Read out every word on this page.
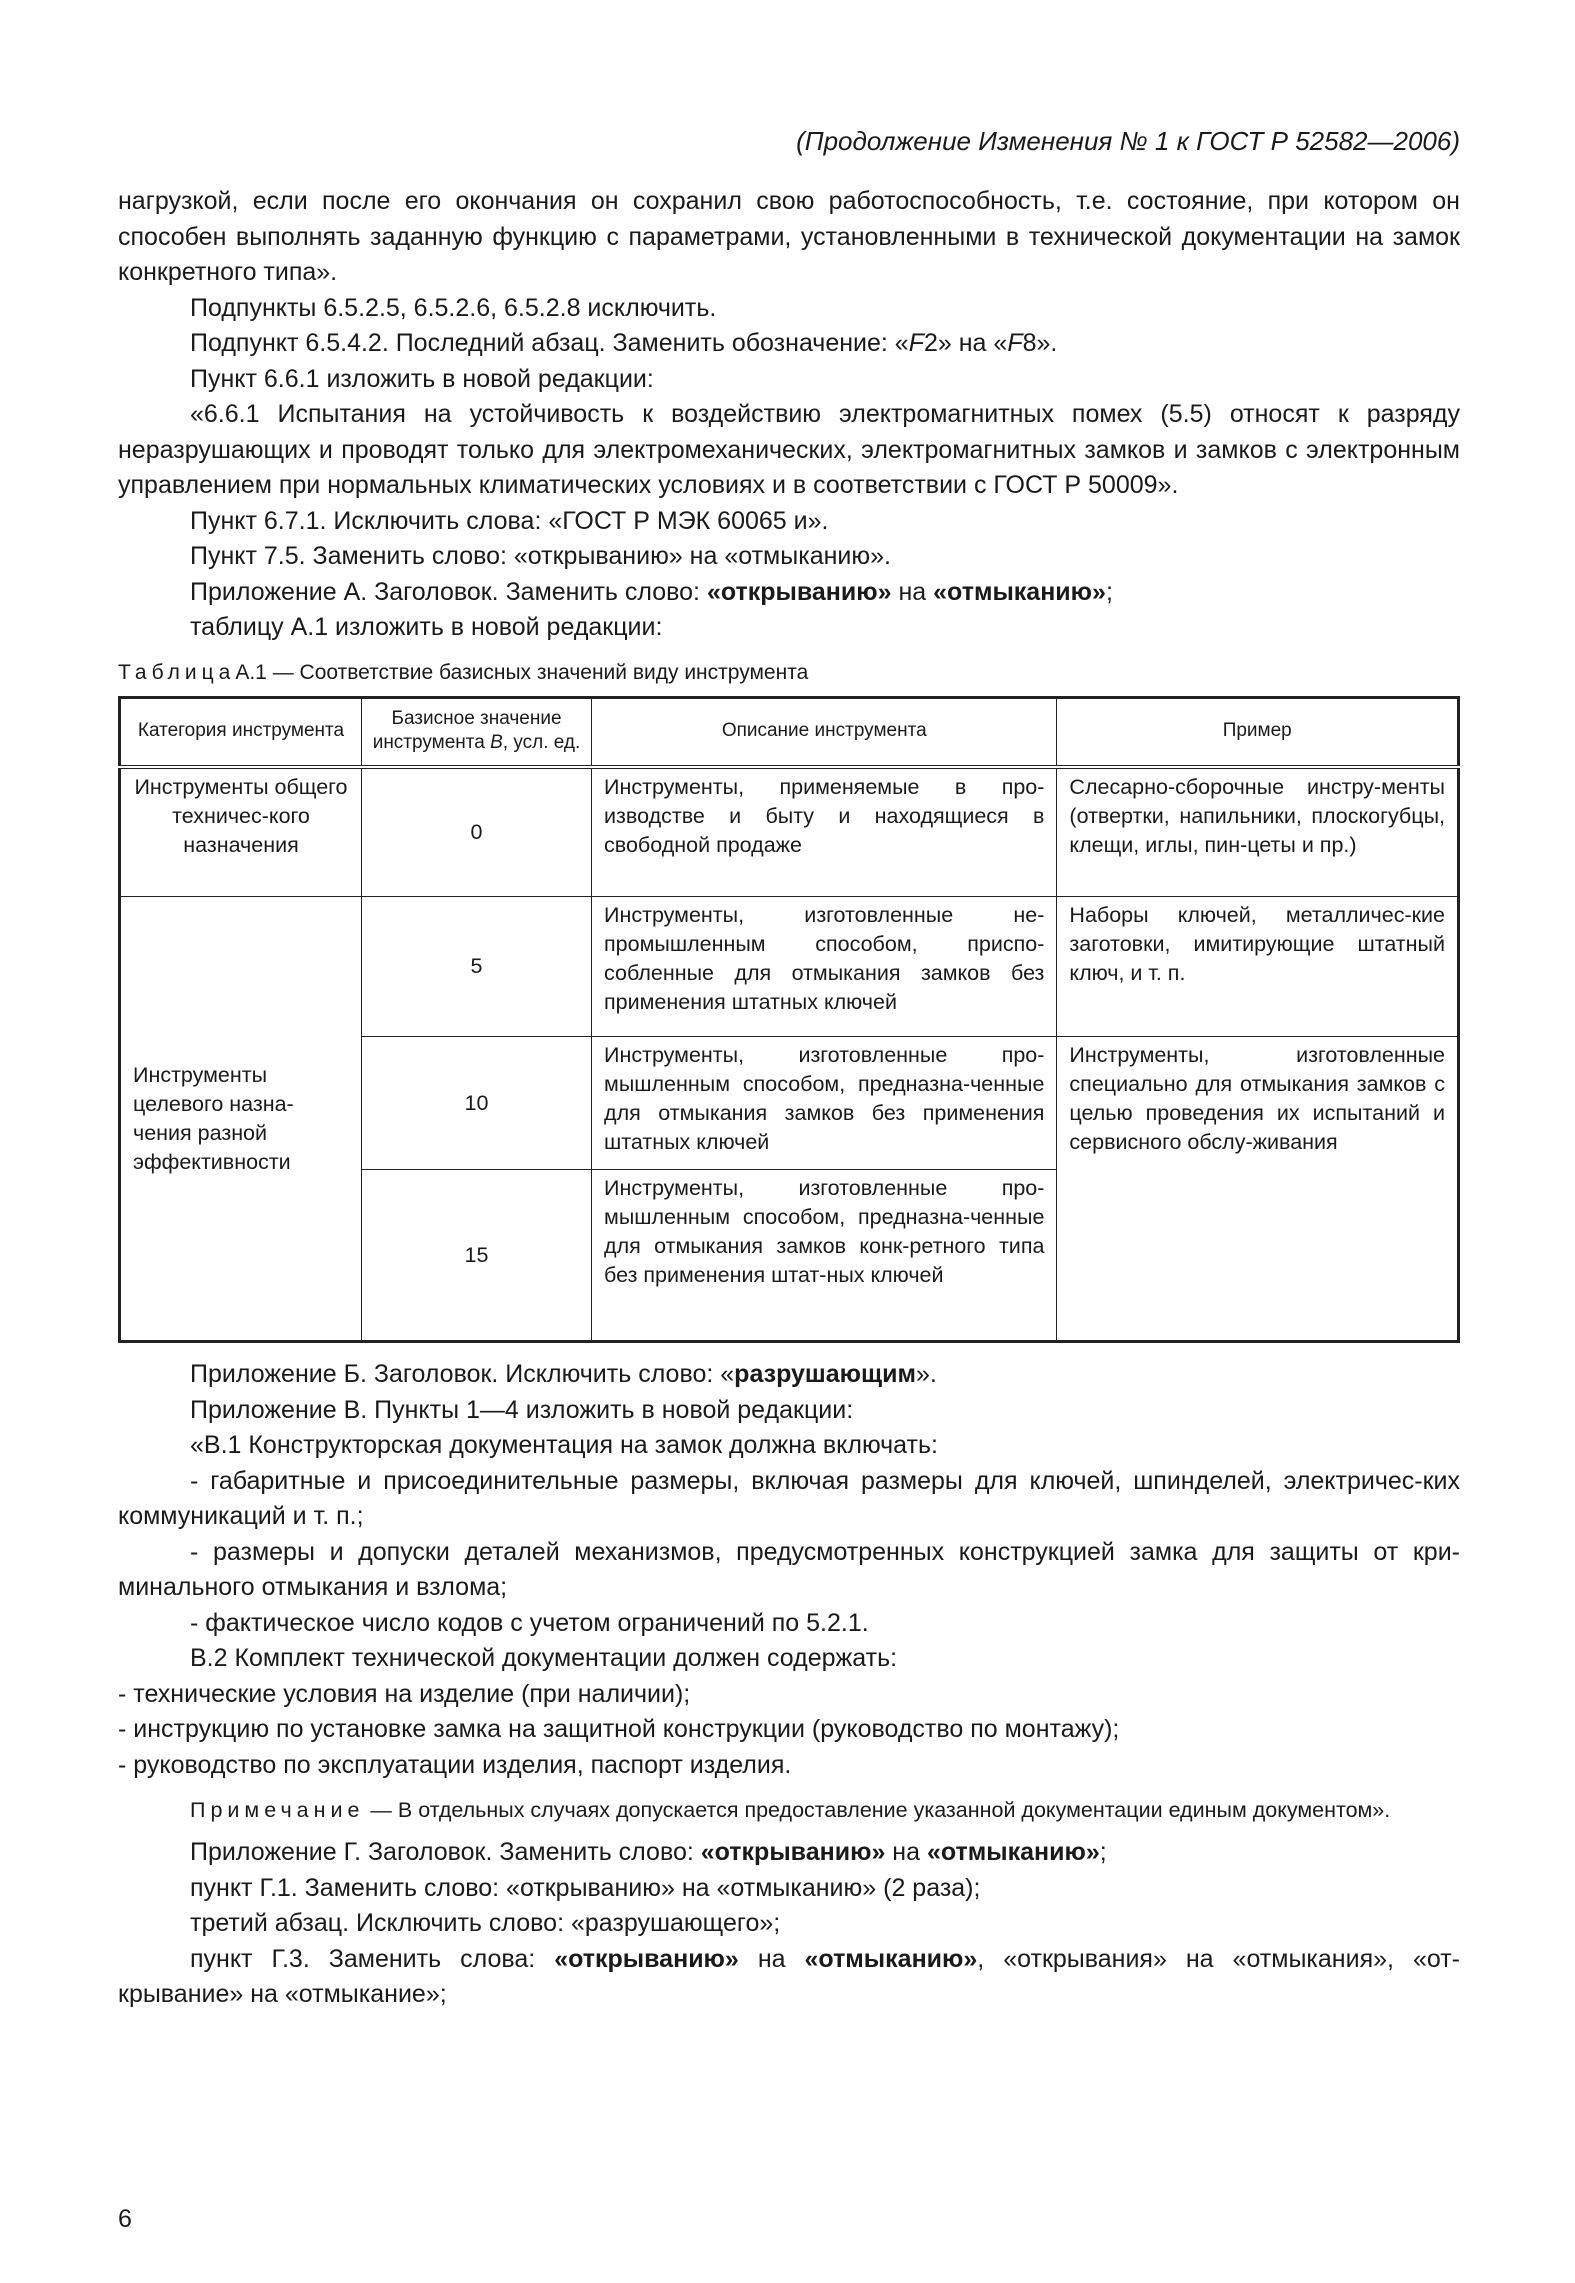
(Продолжение Изменения № 1 к ГОСТ Р 52582—2006)

нагрузкой, если после его окончания он сохранил свою работоспособность, т.е. состояние, при котором он способен выполнять заданную функцию с параметрами, установленными в технической документации на замок конкретного типа».

Подпункты 6.5.2.5, 6.5.2.6, 6.5.2.8 исключить.

Подпункт 6.5.4.2. Последний абзац. Заменить обозначение: «F2» на «F8».

Пункт 6.6.1 изложить в новой редакции:

«6.6.1 Испытания на устойчивость к воздействию электромагнитных помех (5.5) относят к разряду неразрушающих и проводят только для электромеханических, электромагнитных замков и замков с электронным управлением при нормальных климатических условиях и в соответствии с ГОСТ Р 50009».

Пункт 6.7.1. Исключить слова: «ГОСТ Р МЭК 60065 и».

Пункт 7.5. Заменить слово: «открыванию» на «отмыканию».

Приложение А. Заголовок. Заменить слово: «открыванию» на «отмыканию»;

таблицу А.1 изложить в новой редакции:

ТаблицаА.1 — Соответствие базисных значений виду инструмента
Категория инструмента	Базисное значение инструмента В, усл. ед.	Описание инструмента	Пример
Инструменты общего техничес-кого назначения	0	Инструменты, применяемые в про-изводстве и быту и находящиеся в свободной продаже	Слесарно-сборочные инстру-менты (отвертки, напильники, плоскогубцы, клещи, иглы, пин-цеты и пр.)
Инструменты целевого назна-чения разной эффективности	5	Инструменты, изготовленные не-промышленным способом, приспо-собленные для отмыкания замков без применения штатных ключей	Наборы ключей, металличес-кие заготовки, имитирующие штатный ключ, и т. п.
	10	Инструменты, изготовленные про-мышленным способом, предназна-ченные для отмыкания замков без применения штатных ключей	Инструменты, изготовленные специально для отмыкания замков с целью проведения их испытаний и сервисного обслу-живания
	15	Инструменты, изготовленные про-мышленным способом, предназна-ченные для отмыкания замков конк-ретного типа без применения штат-ных ключей	

Приложение Б. Заголовок. Исключить слово: «разрушающим».

Приложение В. Пункты 1—4 изложить в новой редакции:

«В.1 Конструкторская документация на замок должна включать:

- габаритные и присоединительные размеры, включая размеры для ключей, шпинделей, электричес-ких коммуникаций и т. п.;

- размеры и допуски деталей механизмов, предусмотренных конструкцией замка для защиты от кри-минального отмыкания и взлома;

- фактическое число кодов с учетом ограничений по 5.2.1.

В.2 Комплект технической документации должен содержать:

- технические условия на изделие (при наличии);

- инструкцию по установке замка на защитной конструкции (руководство по монтажу);

- руководство по эксплуатации изделия, паспорт изделия.

Примечание — В отдельных случаях допускается предоставление указанной документации единым документом».

Приложение Г. Заголовок. Заменить слово: «открыванию» на «отмыканию»;

пункт Г.1. Заменить слово: «открыванию» на «отмыканию» (2 раза);

третий абзац. Исключить слово: «разрушающего»;

пункт Г.3. Заменить слова: «открыванию» на «отмыканию», «открывания» на «отмыкания», «от-крывание» на «отмыкание»;

6
